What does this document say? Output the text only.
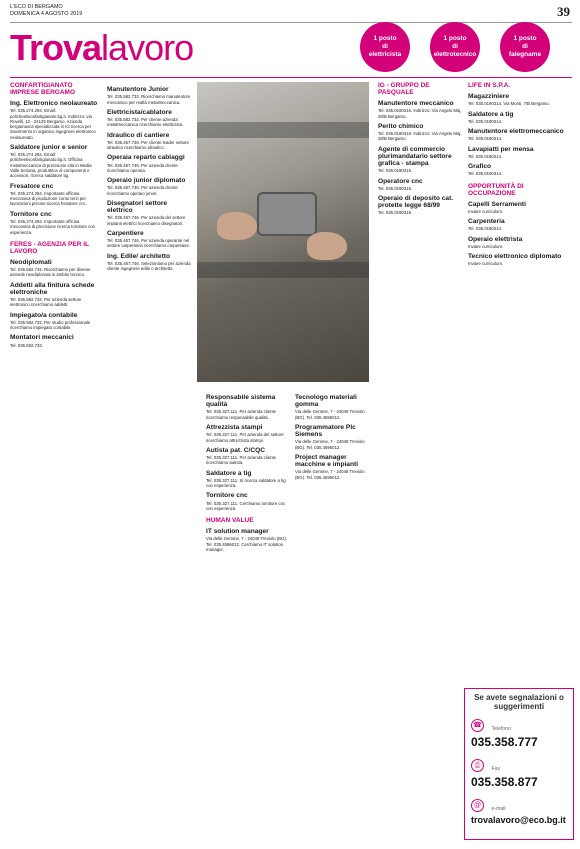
L'ECO DI BERGAMO
DOMENICA 4 AGOSTO 2019	39
Trovalavoro	1 posto
di
elettricista
1 posto
di
elettrotecnico
1 posto
di
falegname
CONFARTIGIANATO IMPRESE BERGAMO
Ing. Elettronico neolaureato

Tel. 035.274.294. Email: policheetivonfartigianato.bg.it. Indirizzo: via Rovelli, 12 - 24125 Bergamo. Azienda bergamasca specializzata in Ict ricerca per inserimento in organico ingegnere elettronico neolaureato.

Saldatore junior e senior

Tel. 035.274.294. Email: policheetivonfartigianato.bg.it. Officina metalmeccanica di precisione sita in Media Valle Seriana, produttrice di componenti e accessori, ricerca saldatore tig.

Fresatore cnc

Tel. 035.274.294. Importante officina meccanica di produzione conto terzi per lavorazioni precise ricerca fresatore cnc.

Tornitore cnc

Tel. 035.274.294. Importante officina meccanica di precisione ricerca tornitore con esperienza.

FERES - AGENZIA PER IL LAVORO
Neodiplomati

Tel. 035.582.732. Ricerchiamo per diverse aziende neodiplomati in ambito tecnico.

Addetti alla finitura schede elettroniche

Tel. 035.582.732. Per azienda settore elettronico ricerchiamo addetti.

Impiegato/a contabile

Tel. 035.582.732. Per studio professionale ricerchiamo impiegato contabile.

Montatori meccanici

Tel. 035.582.732.

Manutentore Junior

Tel. 035.582.732. Ricerchiamo manutentore meccanico per realtà metalmeccanica.

Elettricista/cablatore

Tel. 035.582.732. Per cliente azienda metalmeccanica ricerchiamo elettricista.

Idraulico di cantiere

Tel. 035.467.746. Per cliente leader settore idraulico ricerchiamo idraulico.

Operaia reparto cablaggi

Tel. 035.467.746. Per azienda cliente ricerchiamo operaia.

Operaio junior diplomato

Tel. 035.467.746. Per azienda cliente ricerchiamo operaio junior.

Disegnatori settore elettrico

Tel. 035.467.746. Per azienda del settore impianti elettrici ricerchiamo disegnatori.

Carpentiere

Tel. 035.467.746. Per azienda operante nel settore carpenteria ricerchiamo carpentiere.

Ing. Edile/ architetto

Tel. 035.467.746. Selezioniamo per azienda cliente ingegnere edile o architetto.

Responsabile sistema qualità

Tel. 035.327.111. Per azienda cliente ricerchiamo responsabile qualità.

Attrezzista stampi

Tel. 035.327.111. Per azienda del settore ricerchiamo attrezzista stampi.

Autista pat. C/CQC

Tel. 035.327.111. Per azienda cliente ricerchiamo autista.

Saldatore a tig

Tel. 035.327.111. Si ricerca saldatore a tig con esperienza.

Tornitore cnc

Tel. 035.327.111. Cerchiamo tornitore cnc con esperienza.

HUMAN VALUE
IT solution manager

Via delle Gemme, 7 - 24048 Treviolo (BG). Tel. 035.4596012. Cerchiamo IT solution manager.

Tecnologo materiali gomma

Via delle Gemme, 7 - 24048 Treviolo (BG). Tel. 035.4596012.

Programmatore Plc Siemens

Via delle Gemme, 7 - 24048 Treviolo (BG). Tel. 035.4596012.

Project manager macchine e impianti

Via delle Gemme, 7 - 24048 Treviolo (BG). Tel. 035.4596012.

IG - GRUPPO DE PASQUALE
Manutentore meccanico

Tel. 035.0190316. Indirizzo: Via Angelo Maj, 28/B Bergamo.

Perito chimico

Tel. 035.0190316. Indirizzo: Via Angelo Maj, 28/B Bergamo.

Agente di commercio plurimandatario settore grafica - stampa

Tel. 035.0190316.

Operatore cnc

Tel. 035.0190316.

Operaio di deposito cat. protette legge 68/99

Tel. 035.0190316.

LIFE IN S.P.A.
Magazziniere

Tel. 035.0190314. Via Monti, 7/B Bergamo.

Saldatore a tig

Tel. 035.0190314.

Manutentore elettromeccanico

Tel. 035.0190314.

Lavapiatti per mensa

Tel. 035.0190314.

Grafico

Tel. 035.0190314.

OPPORTUNITÀ DI OCCUPAZIONE
Capelli Serramenti

Inviare curriculum.

Carpenteria

Tel. 035.0190314.

Operaio elettrista

Inviare curriculum.

Tecnico elettronico diplomato

Inviare curriculum.

Se avete segnalazioni o suggerimenti
☎ Telefono
035.358.777
⎙ Fax
035.358.877
@ e-mail
trovalavoro@eco.bg.it
